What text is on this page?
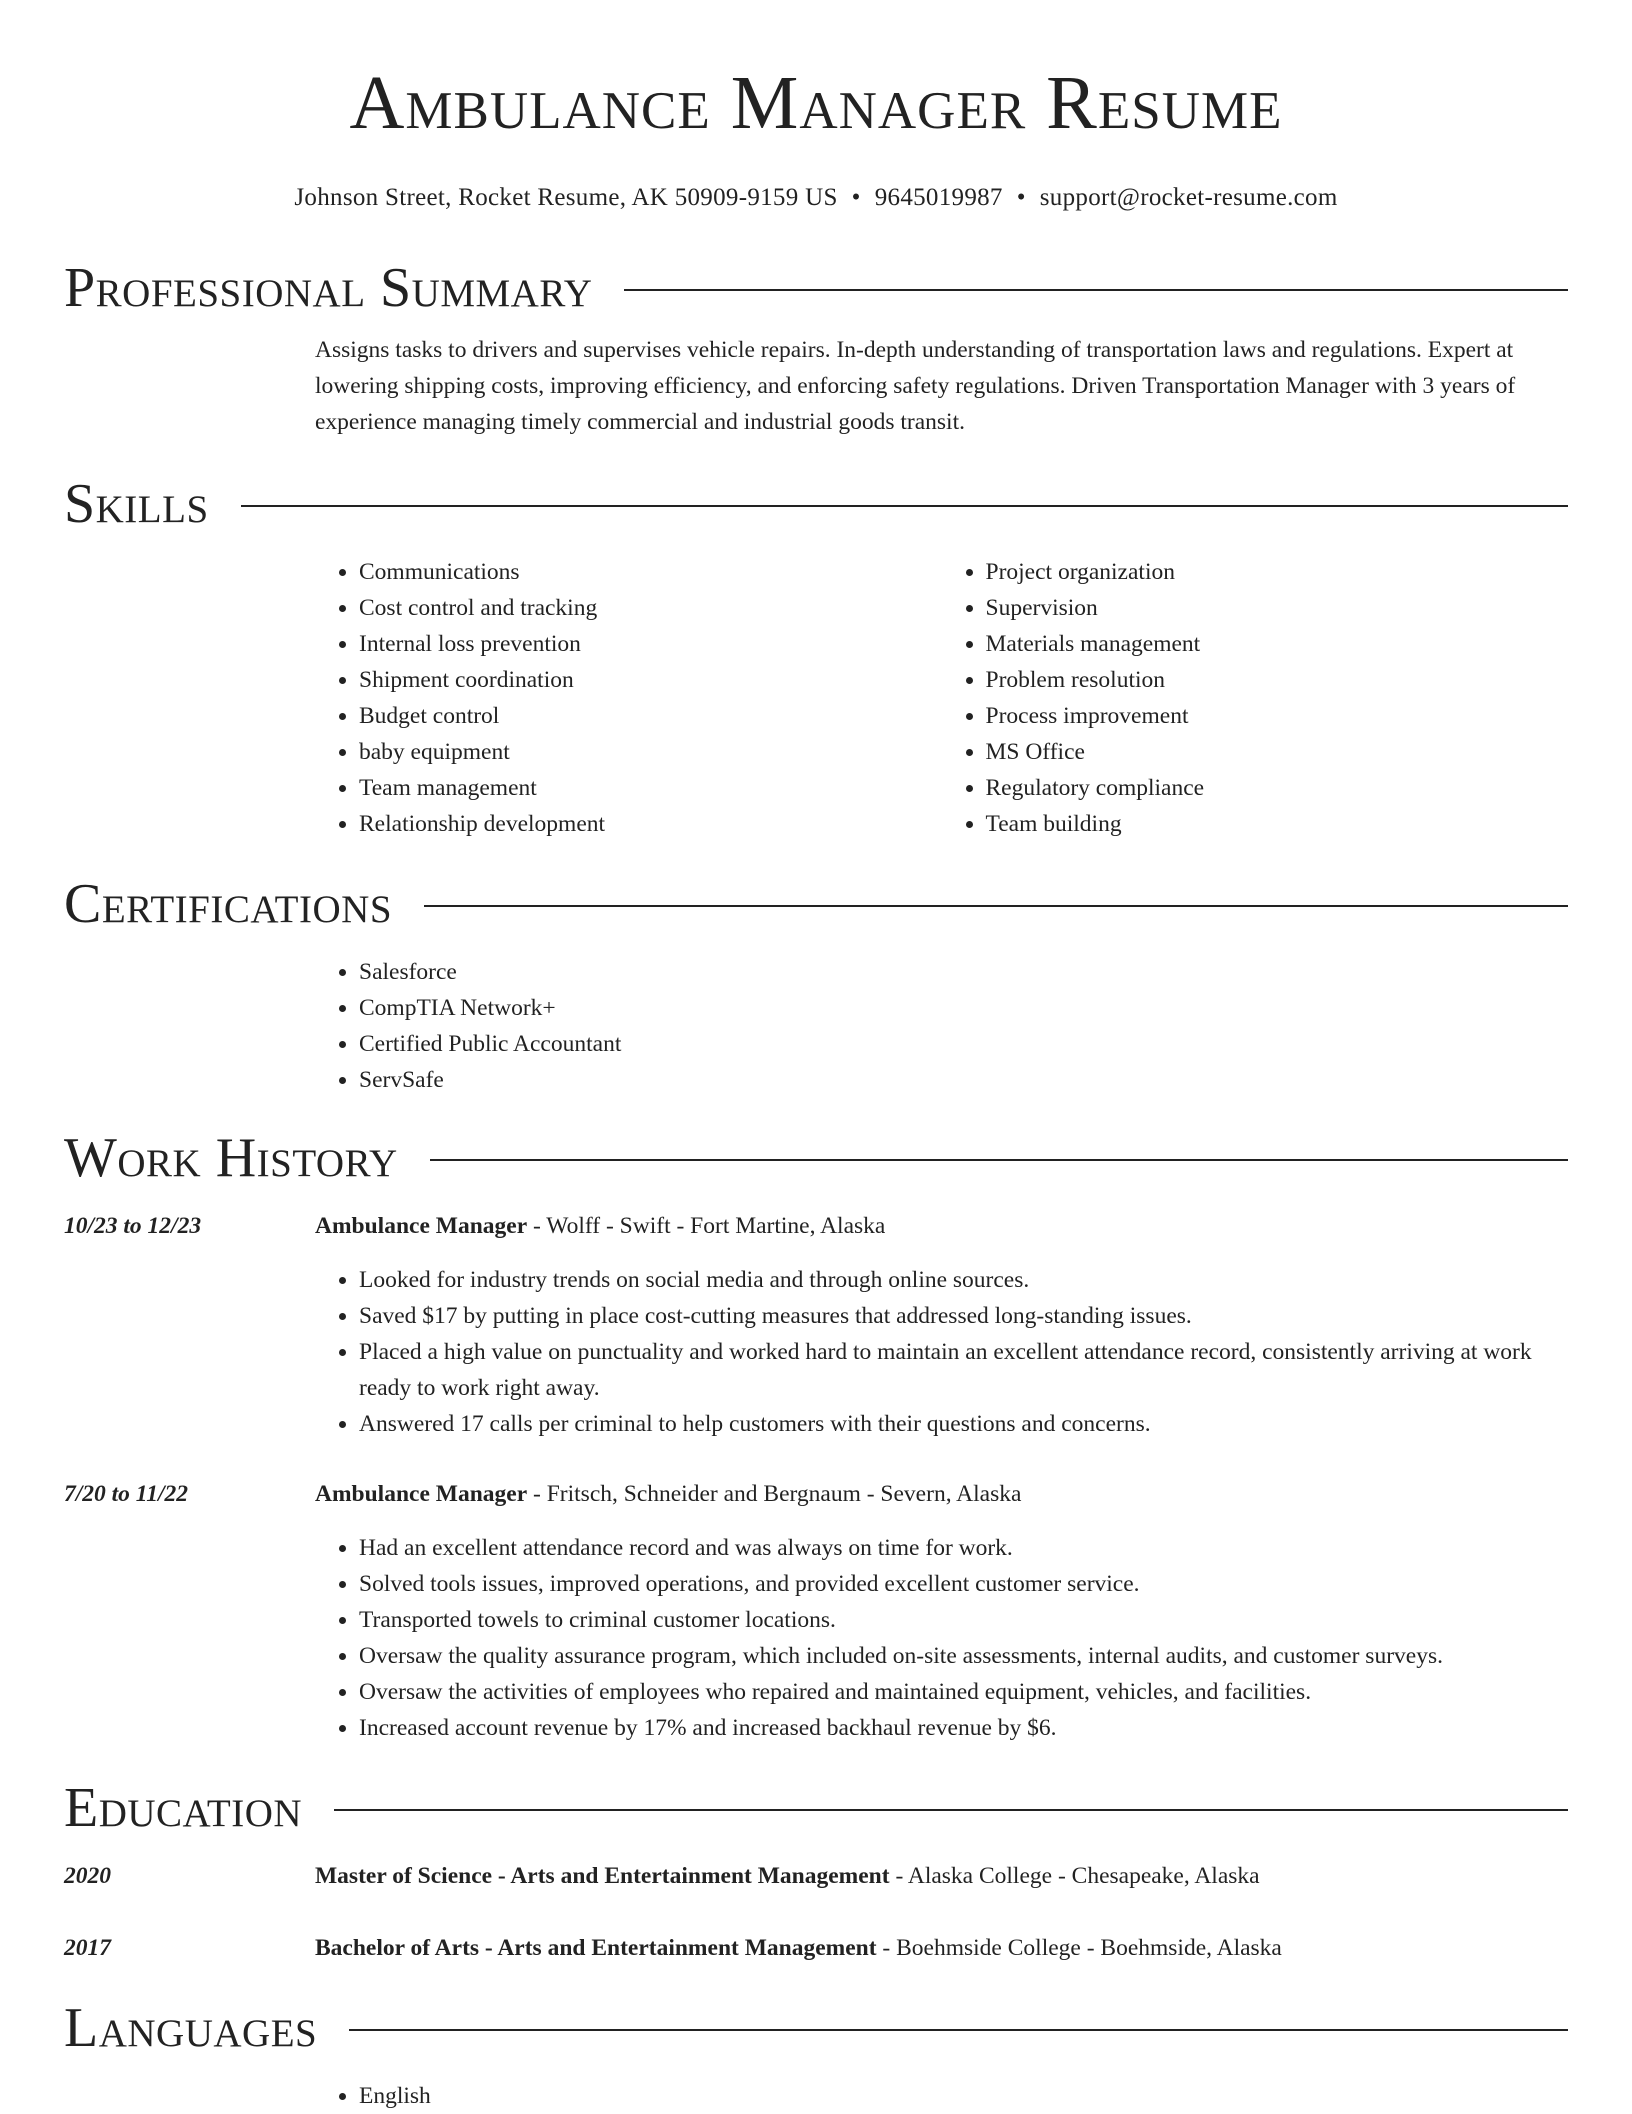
Ambulance Manager Resume
Johnson Street, Rocket Resume, AK 50909-9159 US • 9645019987 • support@rocket-resume.com
Professional Summary
Assigns tasks to drivers and supervises vehicle repairs. In-depth understanding of transportation laws and regulations. Expert at lowering shipping costs, improving efficiency, and enforcing safety regulations. Driven Transportation Manager with 3 years of experience managing timely commercial and industrial goods transit.
Skills
• Communications
• Cost control and tracking
• Internal loss prevention
• Shipment coordination
• Budget control
• baby equipment
• Team management
• Relationship development
• Project organization
• Supervision
• Materials management
• Problem resolution
• Process improvement
• MS Office
• Regulatory compliance
• Team building
Certifications
• Salesforce
• CompTIA Network+
• Certified Public Accountant
• ServSafe
Work History
10/23 to 12/23	Ambulance Manager - Wolff - Swift - Fort Martine, Alaska
• Looked for industry trends on social media and through online sources.
• Saved $17 by putting in place cost-cutting measures that addressed long-standing issues.
• Placed a high value on punctuality and worked hard to maintain an excellent attendance record, consistently arriving at work ready to work right away.
• Answered 17 calls per criminal to help customers with their questions and concerns.
7/20 to 11/22	Ambulance Manager - Fritsch, Schneider and Bergnaum - Severn, Alaska
• Had an excellent attendance record and was always on time for work.
• Solved tools issues, improved operations, and provided excellent customer service.
• Transported towels to criminal customer locations.
• Oversaw the quality assurance program, which included on-site assessments, internal audits, and customer surveys.
• Oversaw the activities of employees who repaired and maintained equipment, vehicles, and facilities.
• Increased account revenue by 17% and increased backhaul revenue by $6.
Education
2020	Master of Science - Arts and Entertainment Management - Alaska College - Chesapeake, Alaska
2017	Bachelor of Arts - Arts and Entertainment Management - Boehmside College - Boehmside, Alaska
Languages
• English
